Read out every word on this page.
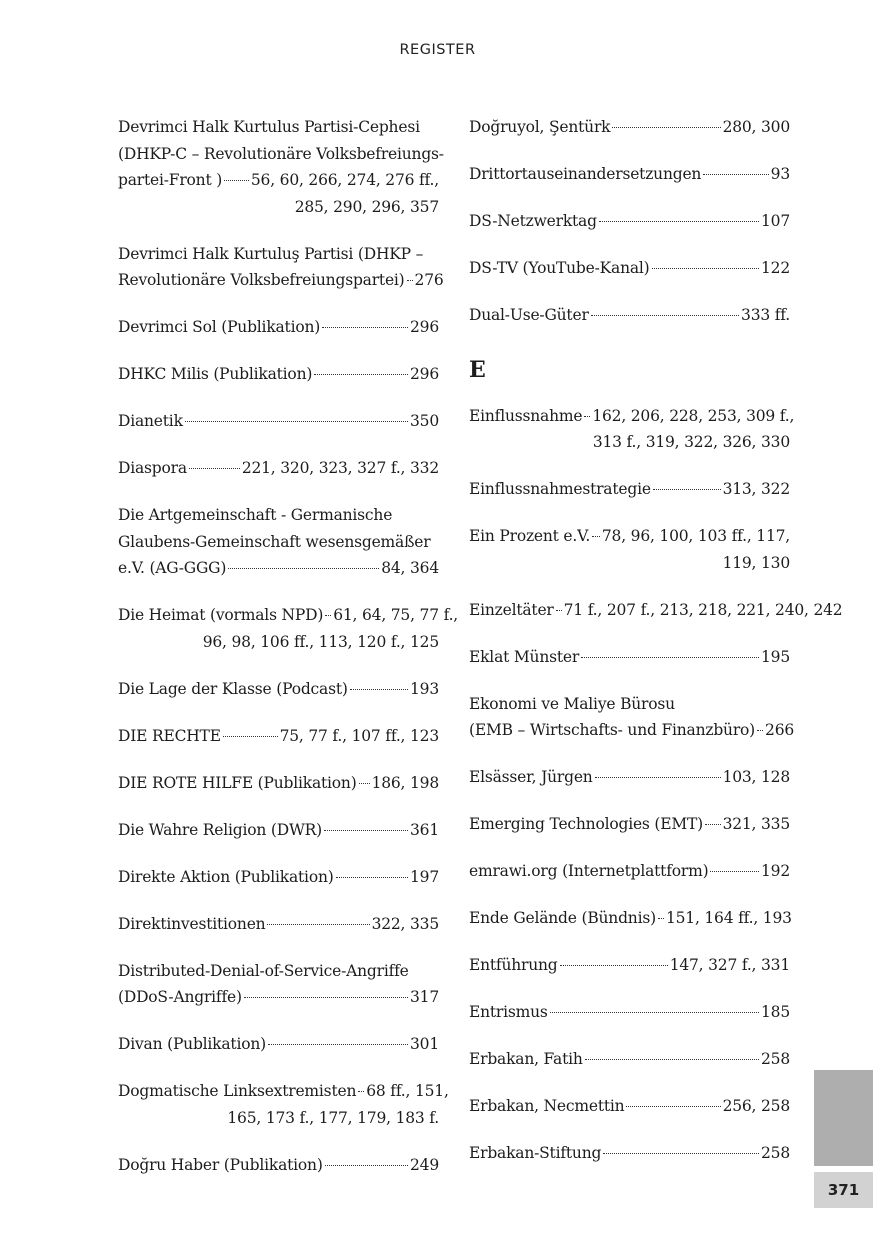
REGISTER
Devrimci Halk Kurtulus Partisi-Cephesi
(DHKP-C – Revolutionäre Volksbefreiungs-
partei-Front ) 56, 60, 266, 274, 276 ff.,
285, 290, 296, 357
Devrimci Halk Kurtuluş Partisi (DHKP –
Revolutionäre Volksbefreiungspartei) 276
Devrimci Sol (Publikation)	296
DHKC Milis (Publikation)	296
Dianetik	350
Diaspora	221, 320, 323, 327 f., 332
Die Artgemeinschaft - Germanische
Glaubens-Gemeinschaft wesensgemäßer
e.V. (AG-GGG)	84, 364
Die Heimat (vormals NPD) 61, 64, 75, 77 f.,
96, 98, 106 ff., 113, 120 f., 125
Die Lage der Klasse (Podcast)	193
DIE RECHTE	75, 77 f., 107 ff., 123
DIE ROTE HILFE (Publikation) 186, 198
Die Wahre Religion (DWR)	361
Direkte Aktion (Publikation)	197
Direktinvestitionen	322, 335
Distributed-Denial-of-Service-Angriffe
(DDoS-Angriffe)	317
Divan (Publikation)	301
Dogmatische Linksextremisten 68 ff., 151,
165, 173 f., 177, 179, 183 f.
Doğru Haber (Publikation)	249
Doğruyol, Şentürk	280, 300
Drittortauseinandersetzungen	93
DS-Netzwerktag	107
DS-TV (YouTube-Kanal)	122
Dual-Use-Güter	333 ff.
E
Einflussnahme 162, 206, 228, 253, 309 f.,
313 f., 319, 322, 326, 330
Einflussnahmestrategie	313, 322
Ein Prozent e.V. 78, 96, 100, 103 ff., 117,
119, 130
Einzeltäter 71 f., 207 f., 213, 218, 221, 240, 242
Eklat Münster	195
Ekonomi ve Maliye Bürosu
(EMB – Wirtschafts- und Finanzbüro) 266
Elsässer, Jürgen	103, 128
Emerging Technologies (EMT) 321, 335
emrawi.org (Internetplattform)	192
Ende Gelände (Bündnis) 151, 164 ff., 193
Entführung	147, 327 f., 331
Entrismus	185
Erbakan, Fatih	258
Erbakan, Necmettin	256, 258
Erbakan-Stiftung	258
371
